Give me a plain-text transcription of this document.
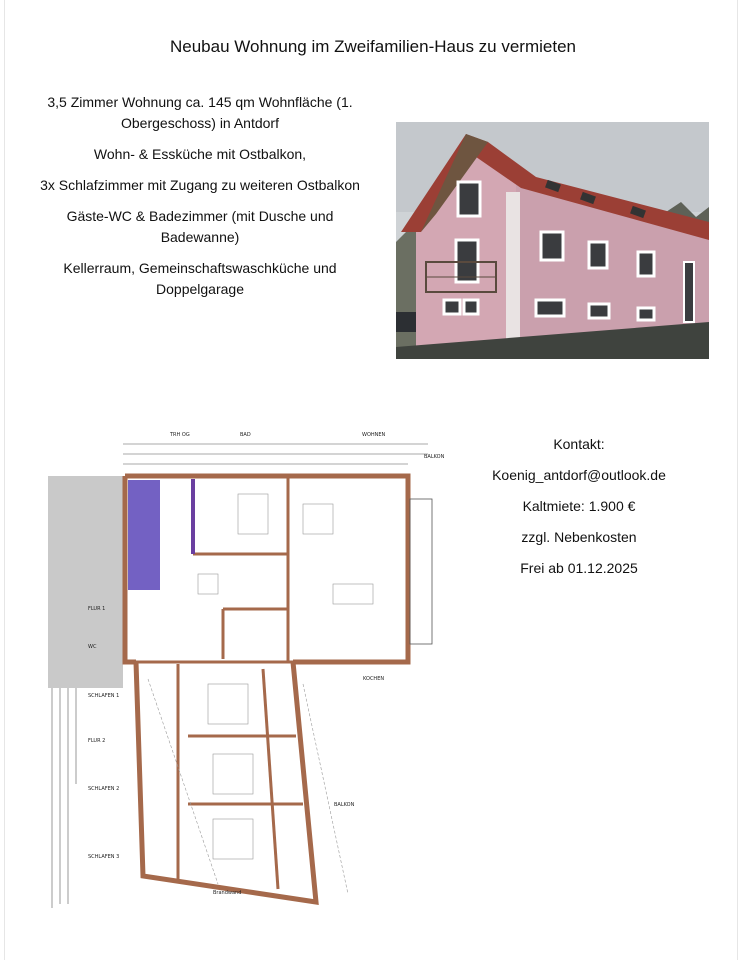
Neubau Wohnung im Zweifamilien-Haus zu vermieten

3,5 Zimmer Wohnung ca. 145 qm Wohnfläche (1. Obergeschoss) in Antdorf

Wohn- & Essküche mit Ostbalkon,

3x Schlafzimmer mit Zugang zu weiteren Ostbalkon

Gäste-WC & Badezimmer (mit Dusche und Badewanne)

Kellerraum, Gemeinschaftswaschküche und Doppelgarage

TRH OG	BAD	WOHNEN
BALKON
FLUR 1
WC
KOCHEN
SCHLAFEN 1
FLUR 2
SCHLAFEN 2
BALKON
SCHLAFEN 3
Brandwand
Kontakt:
Koenig_antdorf@outlook.de
Kaltmiete: 1.900 €
zzgl. Nebenkosten
Frei ab 01.12.2025
